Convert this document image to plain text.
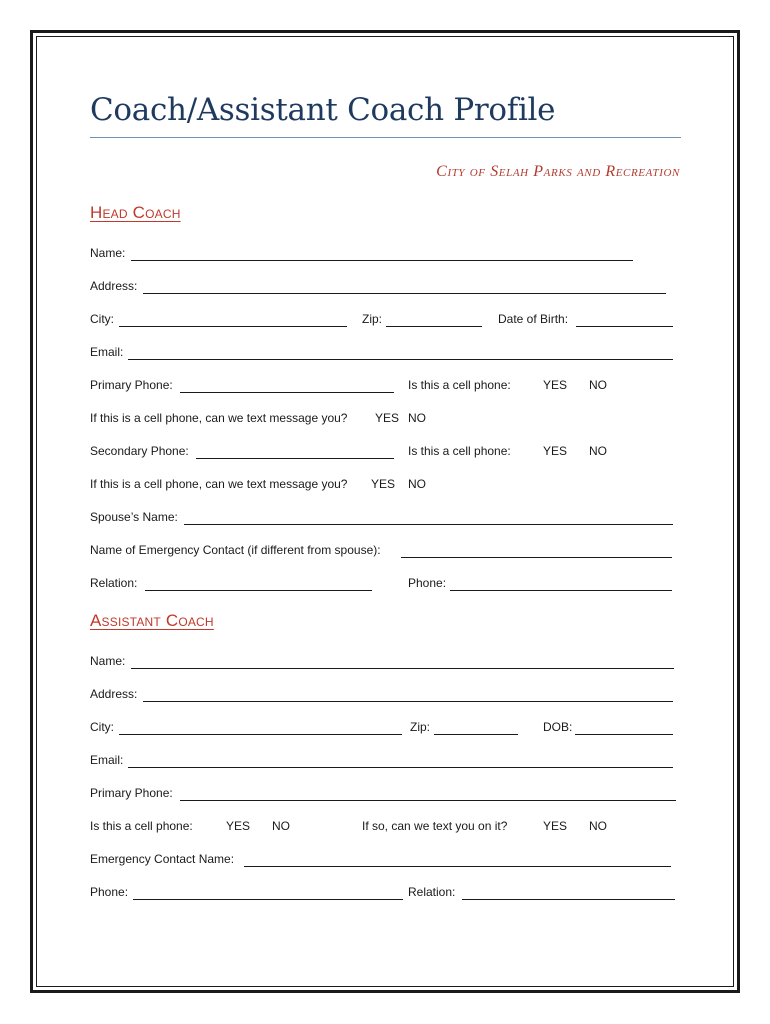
Coach/Assistant Coach Profile
City of Selah Parks and Recreation
Head Coach
Name:
Address:
City:	Zip:	Date of Birth:
Email:
Primary Phone:	Is this a cell phone:	YES NO
If this is a cell phone, can we text message you? YES NO
Secondary Phone:	Is this a cell phone:	YES NO
If this is a cell phone, can we text message you? YES NO
Spouse’s Name:
Name of Emergency Contact (if different from spouse):
Relation:	Phone:
Assistant Coach
Name:
Address:
City:	Zip:	DOB:
Email:
Primary Phone:
Is this a cell phone:	YES NO	If so, can we text you on it?	YES NO
Emergency Contact Name:
Phone:	Relation:
